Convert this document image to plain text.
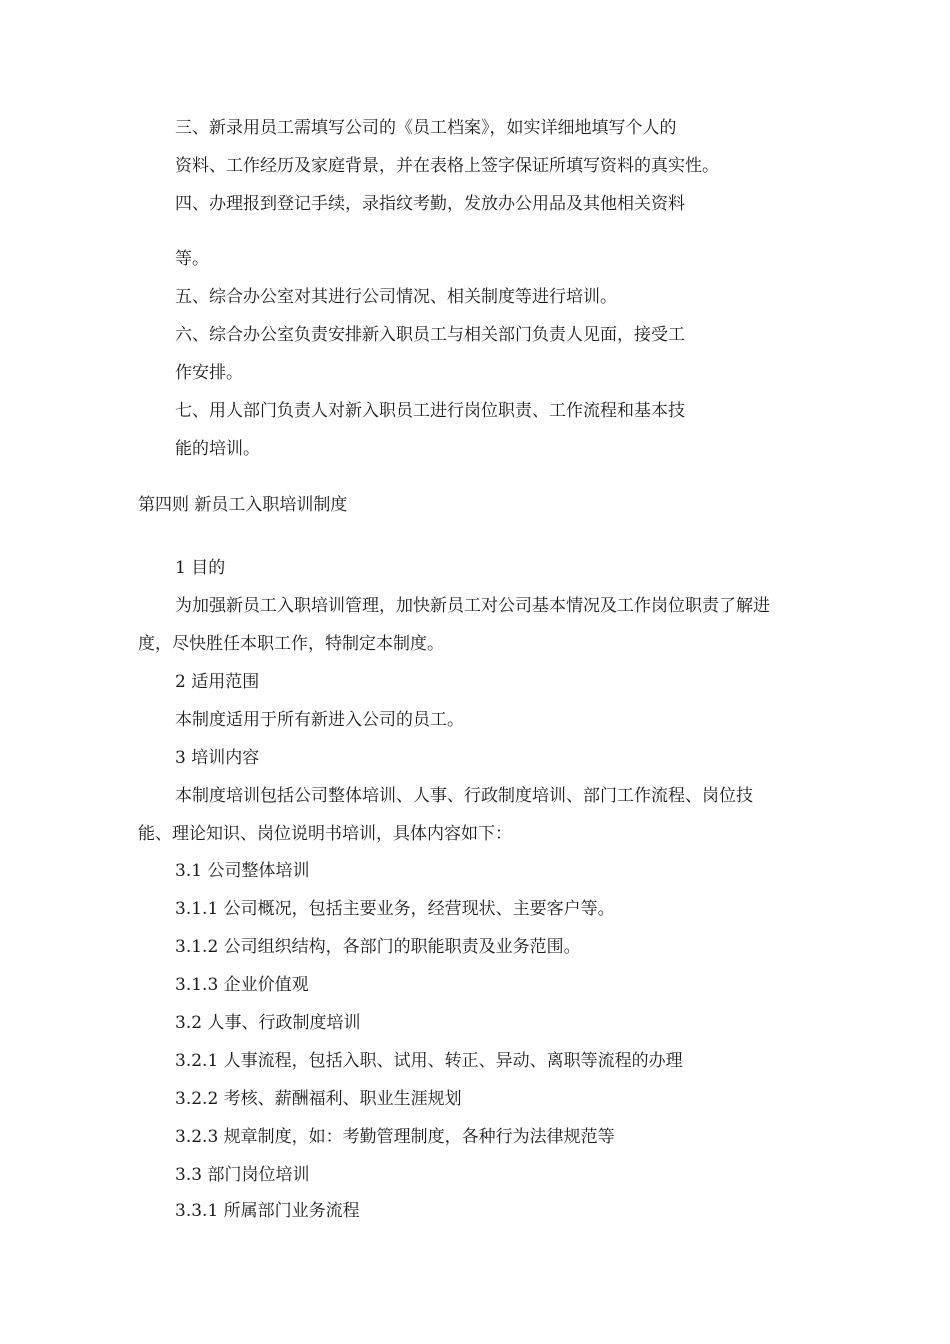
三、新录用员工需填写公司的《员工档案》，如实详细地填写个人的
资料、工作经历及家庭背景，并在表格上签字保证所填写资料的真实性。
四、办理报到登记手续，录指纹考勤，发放办公用品及其他相关资料
等。
五、综合办公室对其进行公司情况、相关制度等进行培训。
六、综合办公室负责安排新入职员工与相关部门负责人见面，接受工
作安排。
七、用人部门负责人对新入职员工进行岗位职责、工作流程和基本技
能的培训。
第四则 新员工入职培训制度
1 目的
为加强新员工入职培训管理，加快新员工对公司基本情况及工作岗位职责了解进
度，尽快胜任本职工作，特制定本制度。
2 适用范围
本制度适用于所有新进入公司的员工。
3 培训内容
本制度培训包括公司整体培训、人事、行政制度培训、部门工作流程、岗位技
能、理论知识、岗位说明书培训，具体内容如下：
3.1 公司整体培训
3.1.1 公司概况，包括主要业务，经营现状、主要客户等。
3.1.2 公司组织结构，各部门的职能职责及业务范围。
3.1.3 企业价值观
3.2 人事、行政制度培训
3.2.1 人事流程，包括入职、试用、转正、异动、离职等流程的办理
3.2.2 考核、薪酬福利、职业生涯规划
3.2.3 规章制度，如：考勤管理制度，各种行为法律规范等
3.3 部门岗位培训
3.3.1 所属部门业务流程
